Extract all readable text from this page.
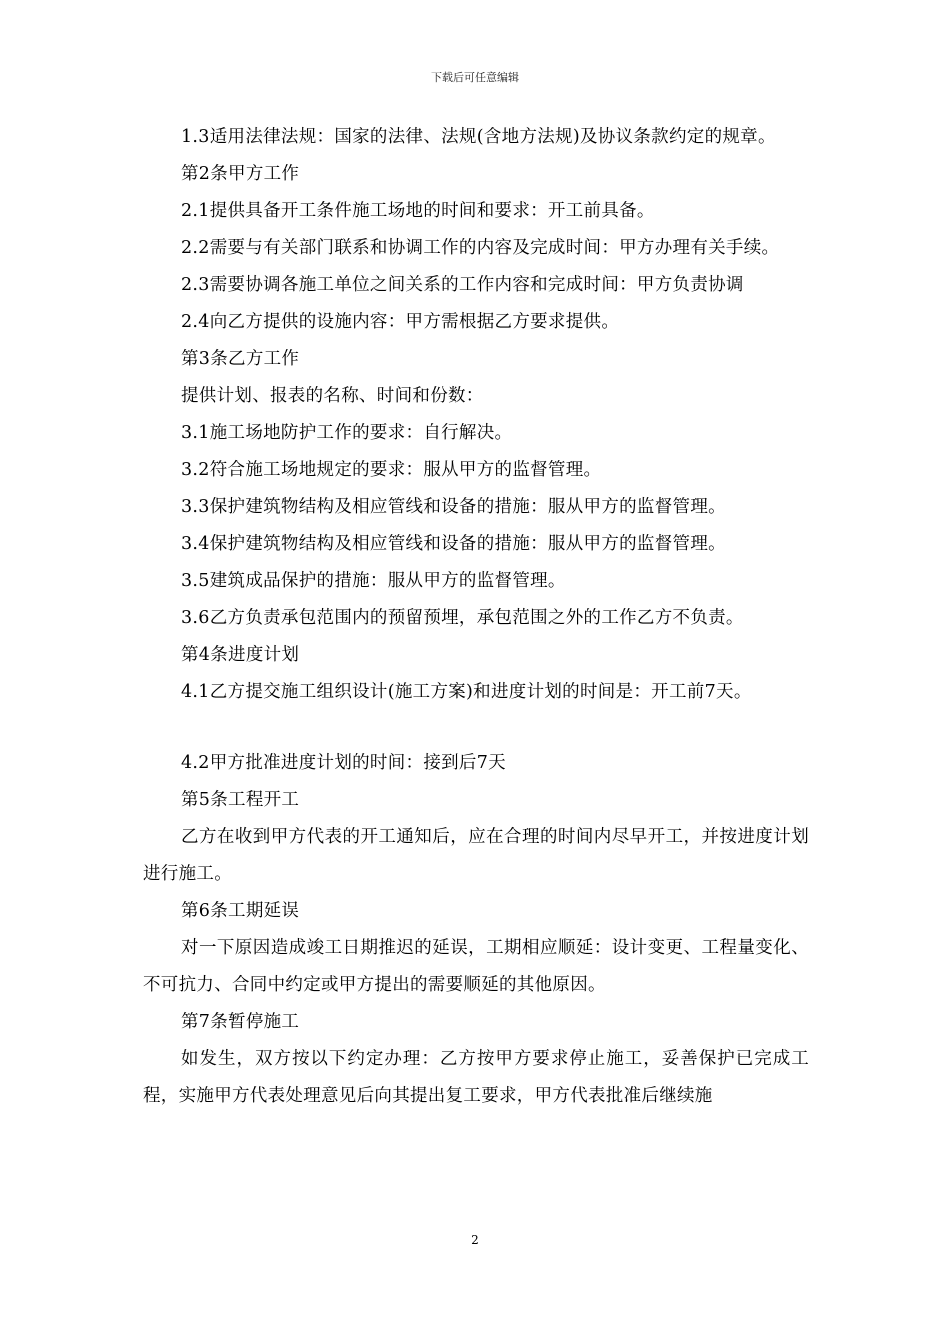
下载后可任意编辑

1.3适用法律法规：国家的法律、法规(含地方法规)及协议条款约定的规章。

第2条甲方工作

2.1提供具备开工条件施工场地的时间和要求：开工前具备。

2.2需要与有关部门联系和协调工作的内容及完成时间：甲方办理有关手续。

2.3需要协调各施工单位之间关系的工作内容和完成时间：甲方负责协调

2.4向乙方提供的设施内容：甲方需根据乙方要求提供。

第3条乙方工作

提供计划、报表的名称、时间和份数：

3.1施工场地防护工作的要求：自行解决。

3.2符合施工场地规定的要求：服从甲方的监督管理。

3.3保护建筑物结构及相应管线和设备的措施：服从甲方的监督管理。

3.4保护建筑物结构及相应管线和设备的措施：服从甲方的监督管理。

3.5建筑成品保护的措施：服从甲方的监督管理。

3.6乙方负责承包范围内的预留预埋，承包范围之外的工作乙方不负责。

第4条进度计划

4.1乙方提交施工组织设计(施工方案)和进度计划的时间是：开工前7天。

4.2甲方批准进度计划的时间：接到后7天

第5条工程开工

乙方在收到甲方代表的开工通知后，应在合理的时间内尽早开工，并按进度计划进行施工。

第6条工期延误

对一下原因造成竣工日期推迟的延误，工期相应顺延：设计变更、工程量变化、不可抗力、合同中约定或甲方提出的需要顺延的其他原因。

第7条暂停施工

如发生，双方按以下约定办理：乙方按甲方要求停止施工，妥善保护已完成工程，实施甲方代表处理意见后向其提出复工要求，甲方代表批准后继续施

2
